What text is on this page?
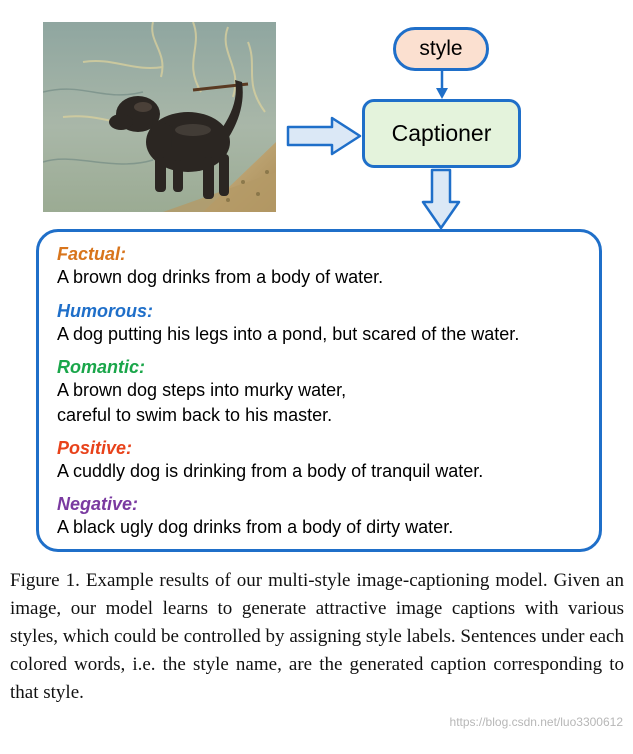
style
Captioner
Factual:
A brown dog drinks from a body of water.
Humorous:
A dog putting his legs into a pond, but scared of the water.
Romantic:
A brown dog steps into murky water,
careful to swim back to his master.
Positive:
A cuddly dog is drinking from a body of tranquil water.
Negative:
A black ugly dog drinks from a body of dirty water.
Figure 1. Example results of our multi-style image-captioning model. Given an image, our model learns to generate attractive image captions with various styles, which could be controlled by assigning style labels. Sentences under each colored words, i.e. the style name, are the generated caption corresponding to that style.
https://blog.csdn.net/luo3300612
